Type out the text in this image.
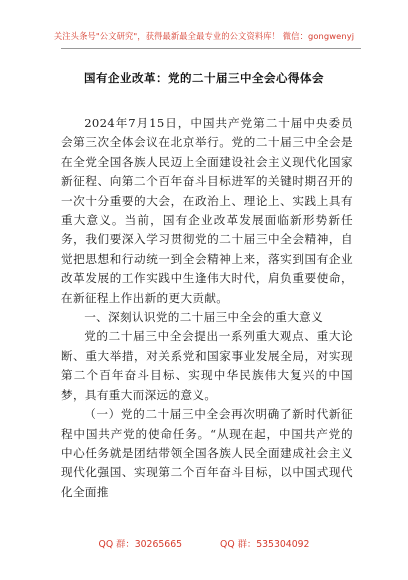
关注头条号"公文研究"，获得最新最全最专业的公文资料库！ 微信：gongwenyj
国有企业改革：党的二十届三中全会心得体会

2024年7月15日，中国共产党第二十届中央委员会第三次全体会议在北京举行。党的二十届三中全会是在全党全国各族人民迈上全面建设社会主义现代化国家新征程、向第二个百年奋斗目标进军的关键时期召开的一次十分重要的大会，在政治上、理论上、实践上具有重大意义。当前，国有企业改革发展面临新形势新任务，我们要深入学习贯彻党的二十届三中全会精神，自觉把思想和行动统一到全会精神上来，落实到国有企业改革发展的工作实践中生逢伟大时代，肩负重要使命，在新征程上作出新的更大贡献。

一、深刻认识党的二十届三中全会的重大意义

党的二十届三中全会提出一系列重大观点、重大论断、重大举措，对关系党和国家事业发展全局，对实现第二个百年奋斗目标、实现中华民族伟大复兴的中国梦，具有重大而深远的意义。

（一）党的二十届三中全会再次明确了新时代新征程中国共产党的使命任务。“从现在起，中国共产党的中心任务就是团结带领全国各族人民全面建成社会主义现代化强国、实现第二个百年奋斗目标，以中国式现代化全面推

QQ 群：30265665	QQ 群：535304092
